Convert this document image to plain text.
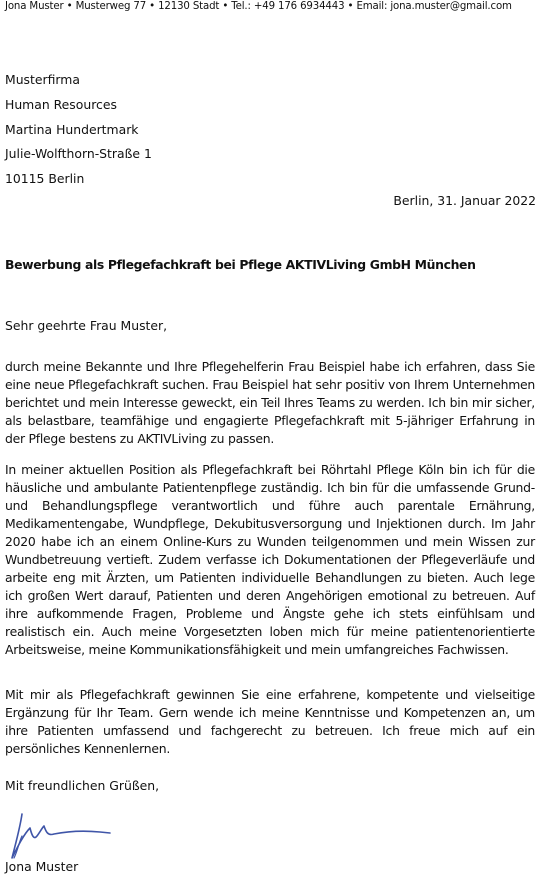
Jona Muster • Musterweg 77 • 12130 Stadt • Tel.: +49 176 6934443 • Email: jona.muster@gmail.com
Musterfirma
Human Resources
Martina Hundertmark
Julie-Wolfthorn-Straße 1
10115 Berlin
Berlin, 31. Januar 2022
Bewerbung als Pflegefachkraft bei Pflege AKTIVLiving GmbH München
Sehr geehrte Frau Muster,
durch meine Bekannte und Ihre Pflegehelferin Frau Beispiel habe ich erfahren, dass Sie eine neue Pflegefachkraft suchen. Frau Beispiel hat sehr positiv von Ihrem Unternehmen berichtet und mein Interesse geweckt, ein Teil Ihres Teams zu werden. Ich bin mir sicher, als belastbare, teamfähige und engagierte Pflegefachkraft mit 5-jähriger Erfahrung in der Pflege bestens zu AKTIVLiving zu passen.
In meiner aktuellen Position als Pflegefachkraft bei Röhrtahl Pflege Köln bin ich für die häusliche und ambulante Patientenpflege zuständig. Ich bin für die umfassende Grund- und Behandlungspflege verantwortlich und führe auch parentale Ernährung, Medikamentengabe, Wundpflege, Dekubitusversorgung und Injektionen durch. Im Jahr 2020 habe ich an einem Online-Kurs zu Wunden teilgenommen und mein Wissen zur Wundbetreuung vertieft. Zudem verfasse ich Dokumentationen der Pflegeverläufe und arbeite eng mit Ärzten, um Patienten individuelle Behandlungen zu bieten. Auch lege ich großen Wert darauf, Patienten und deren Angehörigen emotional zu betreuen. Auf ihre aufkommende Fragen, Probleme und Ängste gehe ich stets einfühlsam und realistisch ein. Auch meine Vorgesetzten loben mich für meine patientenorientierte Arbeitsweise, meine Kommunikationsfähigkeit und mein umfangreiches Fachwissen.
Mit mir als Pflegefachkraft gewinnen Sie eine erfahrene, kompetente und vielseitige Ergänzung für Ihr Team. Gern wende ich meine Kenntnisse und Kompetenzen an, um ihre Patienten umfassend und fachgerecht zu betreuen. Ich freue mich auf ein persönliches Kennenlernen.
Mit freundlichen Grüßen,
Jona Muster
